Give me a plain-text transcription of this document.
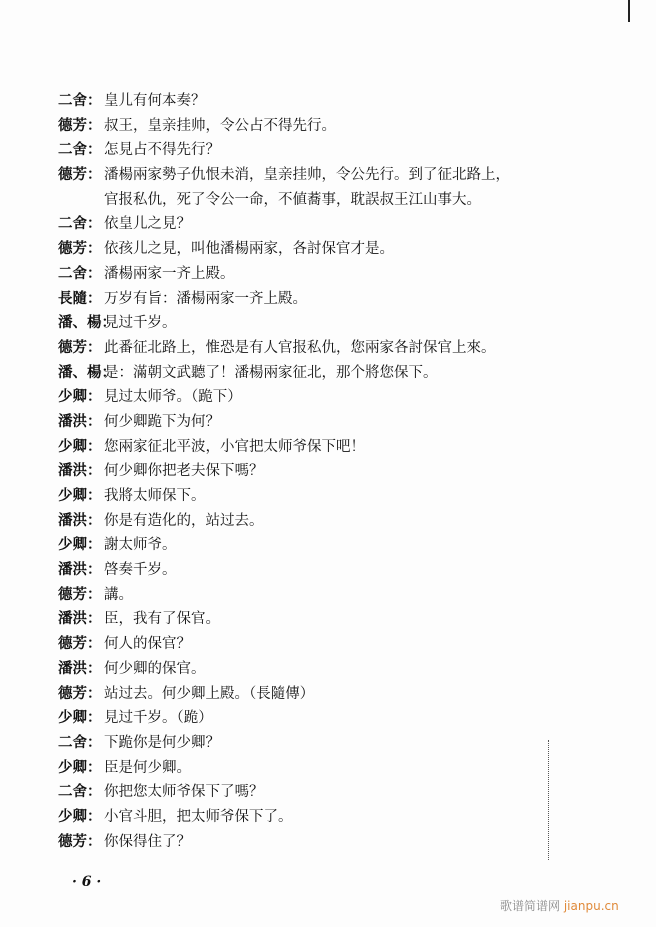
二舍： 皇儿有何本奏？
德芳： 叔王，皇亲挂帅，令公占不得先行。
二舍： 怎見占不得先行？
德芳： 潘楊兩家勢子仇恨未消，皇亲挂帅，令公先行。到了征北路上，
官报私仇，死了令公一命，不値蕎事，耽誤叔王江山事大。
二舍： 依皇儿之見？
德芳： 依孩儿之見，叫他潘楊兩家，各討保官才是。
二舍： 潘楊兩家一齐上殿。
長隨： 万岁有旨：潘楊兩家一齐上殿。
潘、楊：
見过千岁。
德芳： 此番征北路上，惟恐是有人官报私仇，您兩家各討保官上來。
潘、楊：
是：滿朝文武聽了！潘楊兩家征北，那个將您保下。
少卿： 見过太师爷。（跪下）
潘洪： 何少卿跪下为何？
少卿： 您兩家征北平波，小官把太师爷保下吧！
潘洪： 何少卿你把老夫保下嗎？
少卿： 我將太师保下。
潘洪： 你是有造化的，站过去。
少卿： 謝太师爷。
潘洪： 啓奏千岁。
德芳： 講。
潘洪： 臣，我有了保官。
德芳： 何人的保官？
潘洪： 何少卿的保官。
德芳： 站过去。何少卿上殿。（長隨傳）
少卿： 見过千岁。（跪）
二舍： 下跪你是何少卿？
少卿： 臣是何少卿。
二舍： 你把您太师爷保下了嗎？
少卿： 小官斗胆，把太师爷保下了。
德芳： 你保得住了？
· 6 ·
歌谱简谱网 jianpu.cn
